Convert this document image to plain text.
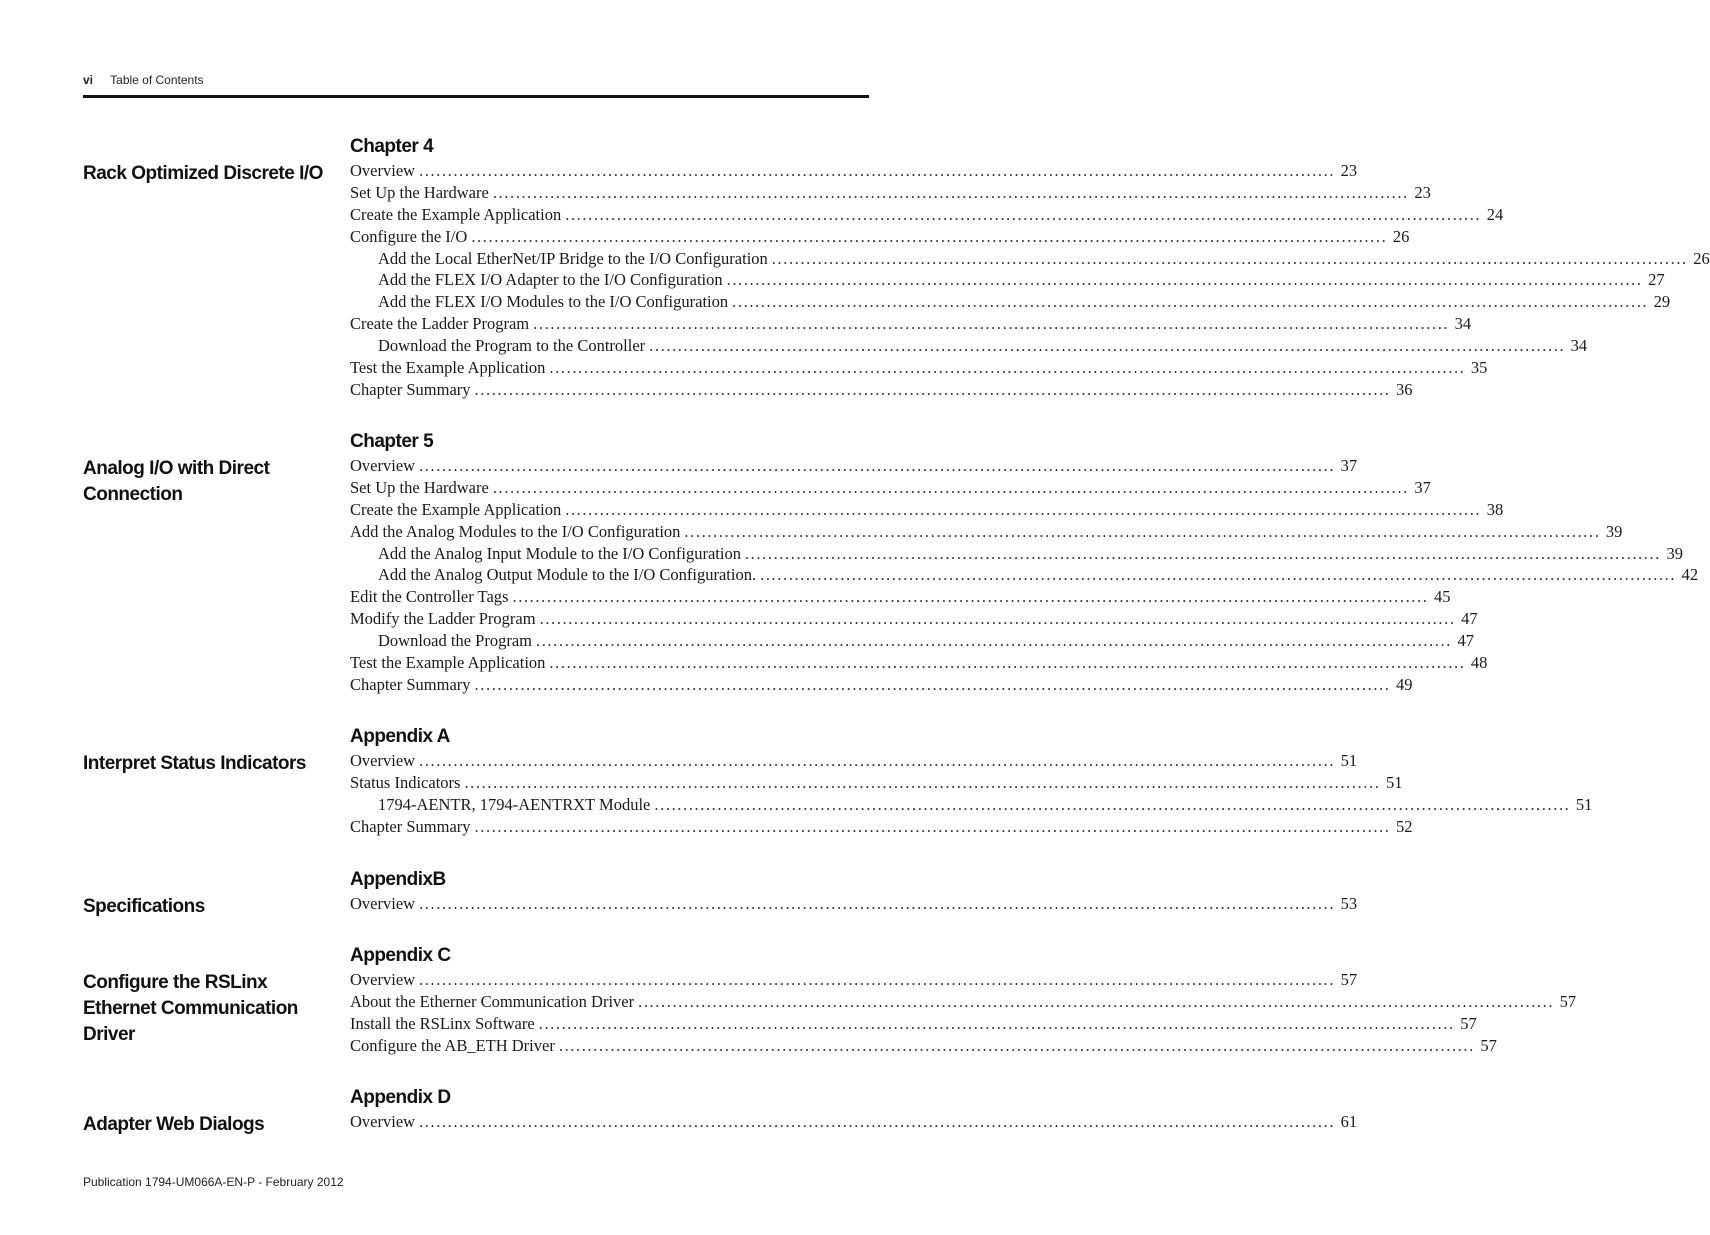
vi Table of Contents
Chapter 4
Rack Optimized Discrete I/O	Overview ................................................................................................................................................................ 23
Set Up the Hardware ................................................................................................................................................................ 23
Create the Example Application ................................................................................................................................................................ 24
Configure the I/O ................................................................................................................................................................ 26
Add the Local EtherNet/IP Bridge to the I/O Configuration ................................................................................................................................................................ 26
Add the FLEX I/O Adapter to the I/O Configuration ................................................................................................................................................................ 27
Add the FLEX I/O Modules to the I/O Configuration ................................................................................................................................................................ 29
Create the Ladder Program ................................................................................................................................................................ 34
Download the Program to the Controller ................................................................................................................................................................ 34
Test the Example Application ................................................................................................................................................................ 35
Chapter Summary ................................................................................................................................................................ 36
Chapter 5
Analog I/O with Direct Connection
Overview ................................................................................................................................................................ 37
Set Up the Hardware ................................................................................................................................................................ 37
Create the Example Application ................................................................................................................................................................ 38
Add the Analog Modules to the I/O Configuration ................................................................................................................................................................ 39
Add the Analog Input Module to the I/O Configuration ................................................................................................................................................................ 39
Add the Analog Output Module to the I/O Configuration. ................................................................................................................................................................ 42
Edit the Controller Tags ................................................................................................................................................................ 45
Modify the Ladder Program ................................................................................................................................................................ 47
Download the Program ................................................................................................................................................................ 47
Test the Example Application ................................................................................................................................................................ 48
Chapter Summary ................................................................................................................................................................ 49
Appendix A
Interpret Status Indicators	Overview ................................................................................................................................................................ 51
Status Indicators ................................................................................................................................................................ 51
1794-AENTR, 1794-AENTRXT Module ................................................................................................................................................................ 51
Chapter Summary ................................................................................................................................................................ 52
AppendixB
Specifications	Overview ................................................................................................................................................................ 53
Appendix C
Configure the RSLinx Ethernet Communication Driver
Overview ................................................................................................................................................................ 57
About the Etherner Communication Driver ................................................................................................................................................................ 57
Install the RSLinx Software ................................................................................................................................................................ 57
Configure the AB_ETH Driver ................................................................................................................................................................ 57
Appendix D
Adapter Web Dialogs	Overview ................................................................................................................................................................ 61
Publication 1794-UM066A-EN-P - February 2012
